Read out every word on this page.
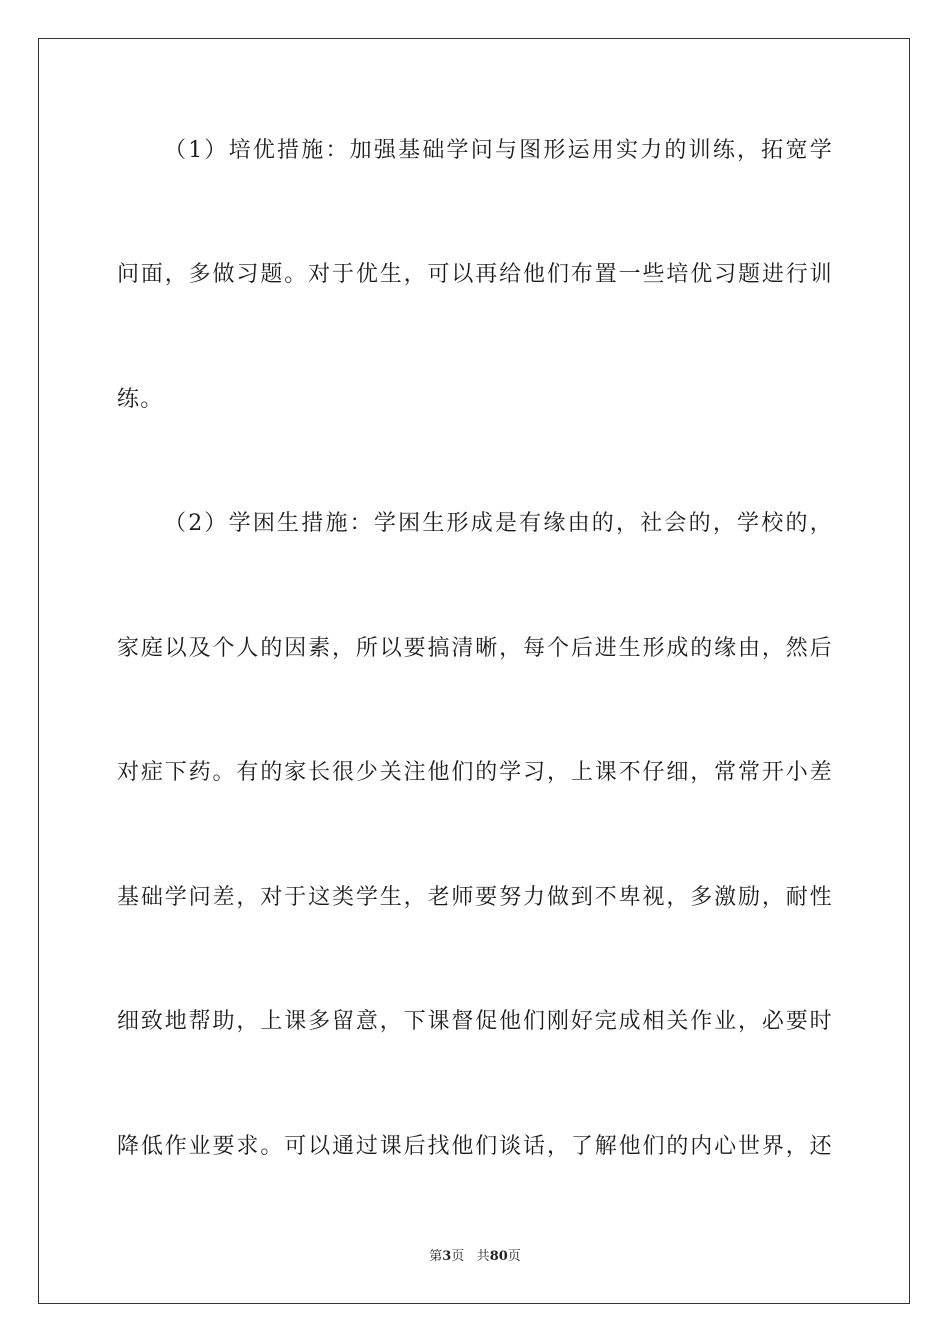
（1）培优措施：加强基础学问与图形运用实力的训练，拓宽学
问面，多做习题。对于优生，可以再给他们布置一些培优习题进行训
练。
（2）学困生措施：学困生形成是有缘由的，社会的，学校的，
家庭以及个人的因素，所以要搞清晰，每个后进生形成的缘由，然后
对症下药。有的家长很少关注他们的学习，上课不仔细，常常开小差
基础学问差，对于这类学生，老师要努力做到不卑视，多激励，耐性
细致地帮助，上课多留意，下课督促他们刚好完成相关作业，必要时
降低作业要求。可以通过课后找他们谈话，了解他们的内心世界，还
第3页 共80页
